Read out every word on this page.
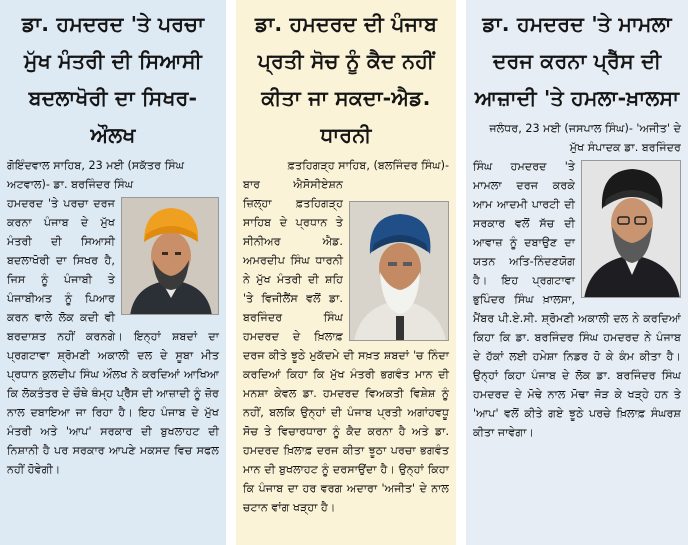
ਡਾ. ਹਮਦਰਦ 'ਤੇ ਪਰਚਾ ਮੁੱਖ ਮੰਤਰੀ ਦੀ ਸਿਆਸੀ ਬਦਲਾਖੋਰੀ ਦਾ ਸਿਖਰ-ਔਲਖ
ਗੋਇੰਦਵਾਲ ਸਾਹਿਬ, 23 ਮਈ (ਸਕੱਤਰ ਸਿੰਘ ਅਟਵਾਲ)- ਡਾ. ਬਰਜਿੰਦਰ ਸਿੰਘ
ਹਮਦਰਦ 'ਤੇ ਪਰਚਾ ਦਰਜ ਕਰਨਾ ਪੰਜਾਬ ਦੇ ਮੁੱਖ ਮੰਤਰੀ ਦੀ ਸਿਆਸੀ ਬਦਲਾਖੋਰੀ ਦਾ ਸਿਖਰ ਹੈ, ਜਿਸ ਨੂੰ ਪੰਜਾਬੀ ਤੇ ਪੰਜਾਬੀਅਤ ਨੂੰ ਪਿਆਰ ਕਰਨ ਵਾਲੇ ਲੋਕ ਕਦੀ ਵੀ ਬਰਦਾਸ਼ਤ ਨਹੀਂ ਕਰਨਗੇ। ਇਨ੍ਹਾਂ ਸ਼ਬਦਾਂ ਦਾ ਪ੍ਰਗਟਾਵਾ ਸ਼੍ਰੋਮਣੀ ਅਕਾਲੀ ਦਲ ਦੇ ਸੂਬਾ ਮੀਤ ਪ੍ਰਧਾਨ ਕੁਲਦੀਪ ਸਿੰਘ ਔਲਖ ਨੇ ਕਰਦਿਆਂ ਆਖਿਆ ਕਿ ਲੋਕਤੰਤਰ ਦੇ ਚੌਥੇ ਥੰਮ੍ਹ ਪ੍ਰੈੱਸ ਦੀ ਆਜ਼ਾਦੀ ਨੂੰ ਜ਼ੋਰ ਨਾਲ ਦਬਾਇਆ ਜਾ ਰਿਹਾ ਹੈ। ਇਹ ਪੰਜਾਬ ਦੇ ਮੁੱਖ ਮੰਤਰੀ ਅਤੇ 'ਆਪ' ਸਰਕਾਰ ਦੀ ਬੁਖਲਾਹਟ ਦੀ ਨਿਸ਼ਾਨੀ ਹੈ ਪਰ ਸਰਕਾਰ ਆਪਣੇ ਮਕਸਦ ਵਿਚ ਸਫਲ ਨਹੀਂ ਹੋਵੇਗੀ।
ਡਾ. ਹਮਦਰਦ ਦੀ ਪੰਜਾਬ ਪ੍ਰਤੀ ਸੋਚ ਨੂੰ ਕੈਦ ਨਹੀਂ ਕੀਤਾ ਜਾ ਸਕਦਾ-ਐਡ. ਧਾਰਨੀ
ਫ਼ਤਹਿਗੜ੍ਹ ਸਾਹਿਬ, (ਬਲਜਿੰਦਰ ਸਿੰਘ)-
ਬਾਰ ਐਸੋਸੀਏਸ਼ਨ ਜ਼ਿਲ੍ਹਾ ਫ਼ਤਹਿਗੜ੍ਹ ਸਾਹਿਬ ਦੇ ਪ੍ਰਧਾਨ ਤੇ ਸੀਨੀਅਰ ਐਡ. ਅਮਰਦੀਪ ਸਿੰਘ ਧਾਰਨੀ ਨੇ ਮੁੱਖ ਮੰਤਰੀ ਦੀ ਸ਼ਹਿ 'ਤੇ ਵਿਜੀਲੈਂਸ ਵਲੋਂ ਡਾ. ਬਰਜਿੰਦਰ ਸਿੰਘ ਹਮਦਰਦ ਦੇ ਖ਼ਿਲਾਫ਼ ਦਰਜ ਕੀਤੇ ਝੂਠੇ ਮੁਕੱਦਮੇ ਦੀ ਸਖ਼ਤ ਸ਼ਬਦਾਂ 'ਚ ਨਿੰਦਾ ਕਰਦਿਆਂ ਕਿਹਾ ਕਿ ਮੁੱਖ ਮੰਤਰੀ ਭਗਵੰਤ ਮਾਨ ਦੀ ਮਨਸ਼ਾ ਕੇਵਲ ਡਾ. ਹਮਦਰਦ ਵਿਅਕਤੀ ਵਿਸ਼ੇਸ਼ ਨੂੰ ਨਹੀਂ, ਬਲਕਿ ਉਨ੍ਹਾਂ ਦੀ ਪੰਜਾਬ ਪ੍ਰਤੀ ਅਗਾਂਹਵਧੂ ਸੋਚ ਤੇ ਵਿਚਾਰਧਾਰਾ ਨੂੰ ਕੈਦ ਕਰਨਾ ਹੈ ਅਤੇ ਡਾ. ਹਮਦਰਦ ਖ਼ਿਲਾਫ਼ ਦਰਜ ਕੀਤਾ ਝੂਠਾ ਪਰਚਾ ਭਗਵੰਤ ਮਾਨ ਦੀ ਬੁਖਲਾਹਟ ਨੂੰ ਦਰਸਾਉਂਦਾ ਹੈ। ਉਨ੍ਹਾਂ ਕਿਹਾ ਕਿ ਪੰਜਾਬ ਦਾ ਹਰ ਵਰਗ ਅਦਾਰਾ 'ਅਜੀਤ' ਦੇ ਨਾਲ ਚਟਾਨ ਵਾਂਗ ਖੜ੍ਹਾ ਹੈ।
ਡਾ. ਹਮਦਰਦ 'ਤੇ ਮਾਮਲਾ ਦਰਜ ਕਰਨਾ ਪ੍ਰੈੱਸ ਦੀ ਆਜ਼ਾਦੀ 'ਤੇ ਹਮਲਾ-ਖ਼ਾਲਸਾ
ਜਲੰਧਰ, 23 ਮਈ (ਜਸਪਾਲ ਸਿੰਘ)- 'ਅਜੀਤ' ਦੇ ਮੁੱਖ ਸੰਪਾਦਕ ਡਾ. ਬਰਜਿੰਦਰ
ਸਿੰਘ ਹਮਦਰਦ 'ਤੇ ਮਾਮਲਾ ਦਰਜ ਕਰਕੇ ਆਮ ਆਦਮੀ ਪਾਰਟੀ ਦੀ ਸਰਕਾਰ ਵਲੋਂ ਸੱਚ ਦੀ ਆਵਾਜ਼ ਨੂੰ ਦਬਾਉਣ ਦਾ ਯਤਨ ਅਤਿ-ਨਿੰਦਣਯੋਗ ਹੈ। ਇਹ ਪ੍ਰਗਟਾਵਾ ਭੁਪਿੰਦਰ ਸਿੰਘ ਖ਼ਾਲਸਾ, ਮੈਂਬਰ ਪੀ.ਏ.ਸੀ. ਸ਼੍ਰੋਮਣੀ ਅਕਾਲੀ ਦਲ ਨੇ ਕਰਦਿਆਂ ਕਿਹਾ ਕਿ ਡਾ. ਬਰਜਿੰਦਰ ਸਿੰਘ ਹਮਦਰਦ ਨੇ ਪੰਜਾਬ ਦੇ ਹੱਕਾਂ ਲਈ ਹਮੇਸ਼ਾ ਨਿਡਰ ਹੋ ਕੇ ਕੰਮ ਕੀਤਾ ਹੈ। ਉਨ੍ਹਾਂ ਕਿਹਾ ਪੰਜਾਬ ਦੇ ਲੋਕ ਡਾ. ਬਰਜਿੰਦਰ ਸਿੰਘ ਹਮਦਰਦ ਦੇ ਮੋਢੇ ਨਾਲ ਮੋਢਾ ਜੋੜ ਕੇ ਖੜ੍ਹੇ ਹਨ ਤੇ 'ਆਪ' ਵਲੋਂ ਕੀਤੇ ਗਏ ਝੂਠੇ ਪਰਚੇ ਖ਼ਿਲਾਫ਼ ਸੰਘਰਸ਼ ਕੀਤਾ ਜਾਵੇਗਾ।
